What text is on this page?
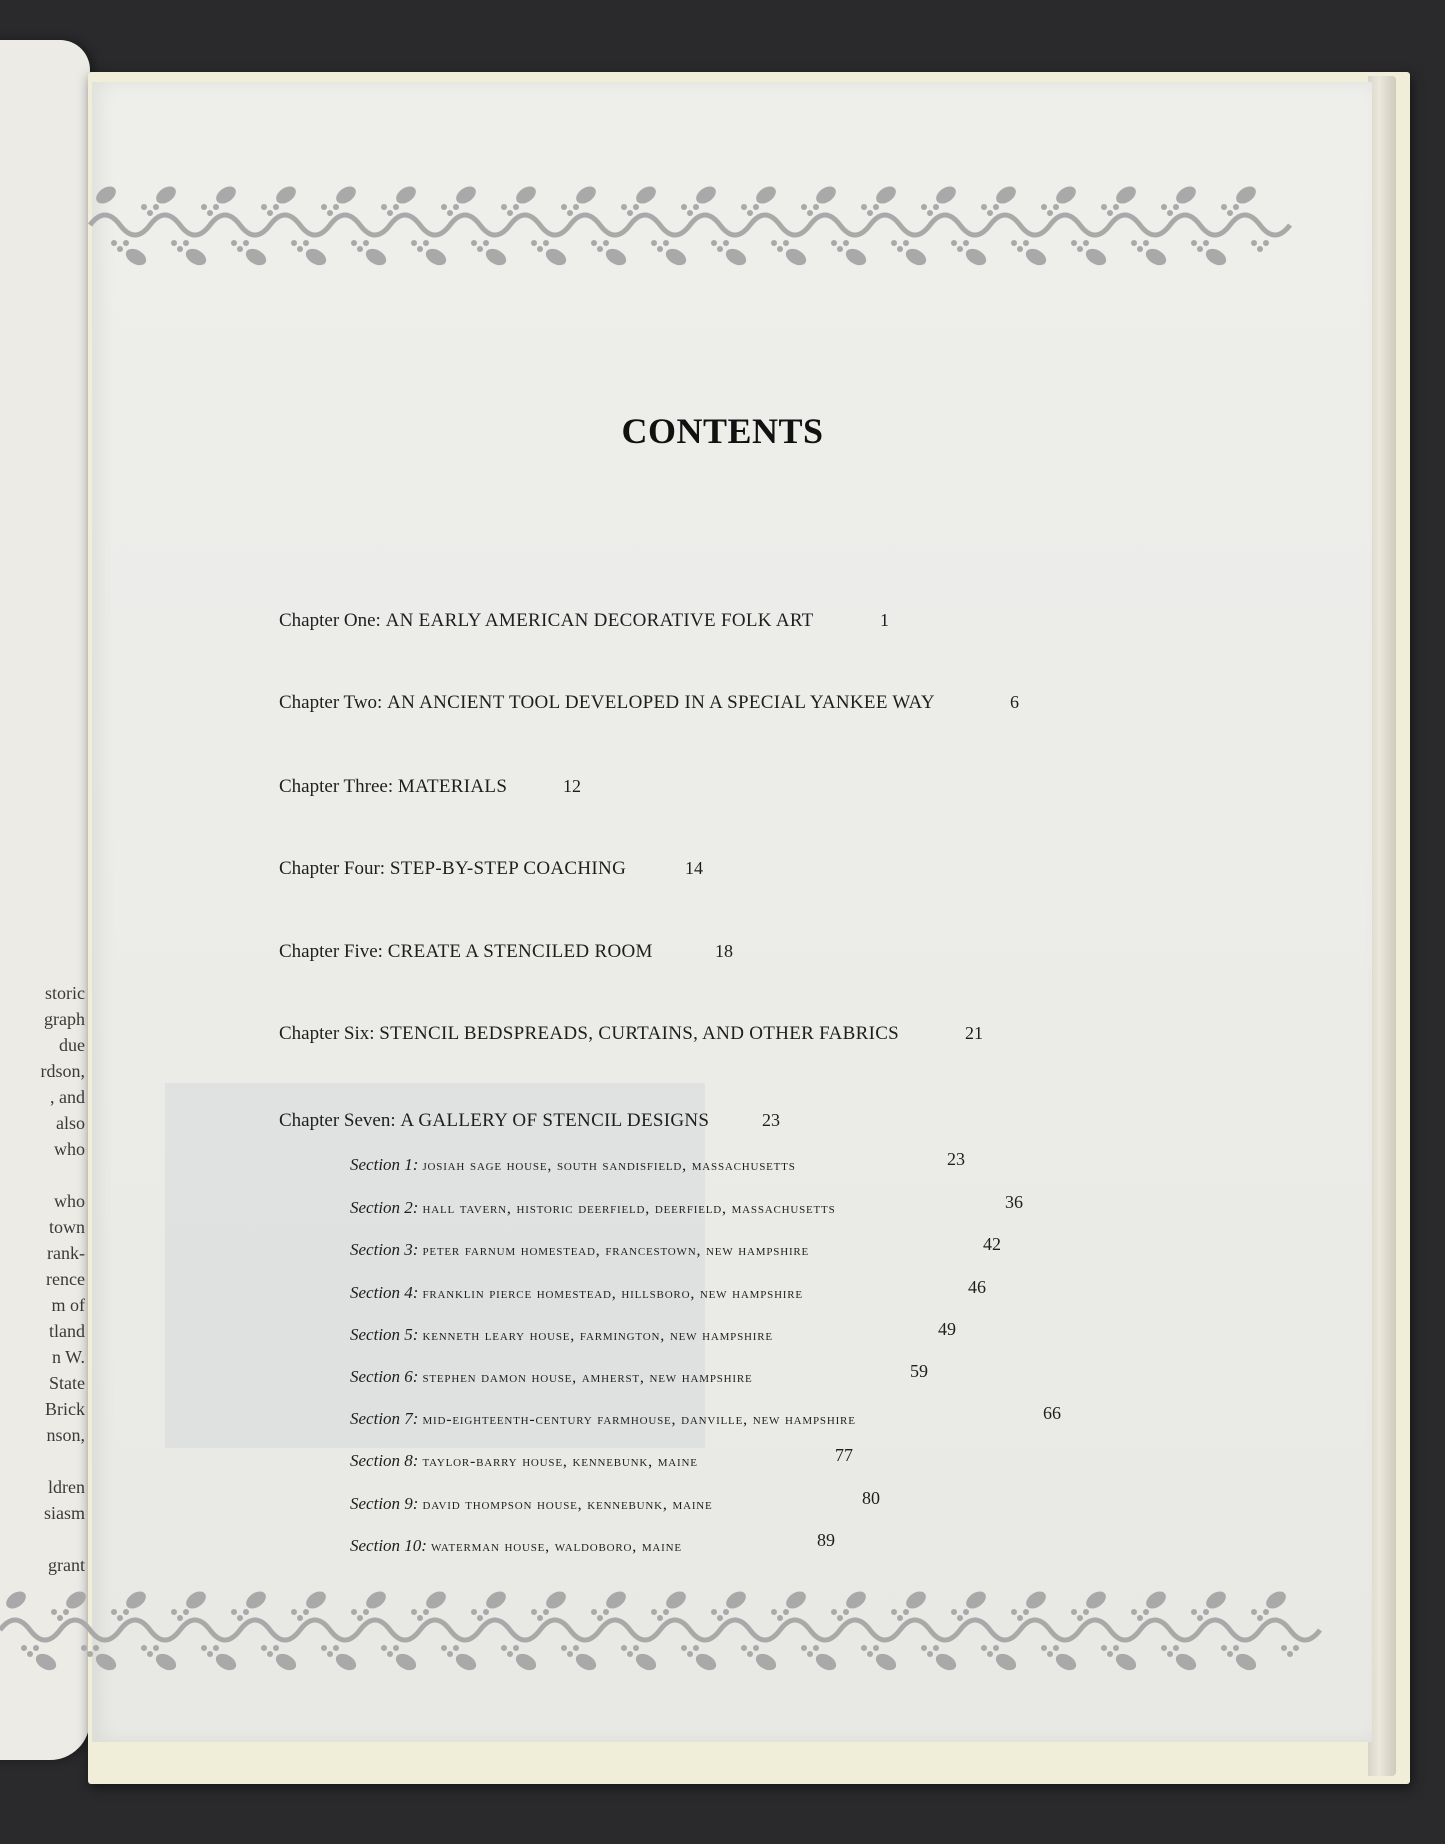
storic
graph
due
rdson,
, and
also
who
who
town
rank-
rence
m of
tland
n W.
State
Brick
nson,
ldren
siasm
grant
CONTENTS
Chapter One: AN EARLY AMERICAN DECORATIVE FOLK ART	1
Chapter Two: AN ANCIENT TOOL DEVELOPED IN A SPECIAL YANKEE WAY	6
Chapter Three: MATERIALS	12
Chapter Four: STEP-BY-STEP COACHING	14
Chapter Five: CREATE A STENCILED ROOM	18
Chapter Six: STENCIL BEDSPREADS, CURTAINS, AND OTHER FABRICS	21
Chapter Seven: A GALLERY OF STENCIL DESIGNS	23
Section 1: josiah sage house, south sandisfield, massachusetts	23
Section 2: hall tavern, historic deerfield, deerfield, massachusetts	36
Section 3: peter farnum homestead, francestown, new hampshire	42
Section 4: franklin pierce homestead, hillsboro, new hampshire	46
Section 5: kenneth leary house, farmington, new hampshire	49
Section 6: stephen damon house, amherst, new hampshire	59
Section 7: mid-eighteenth-century farmhouse, danville, new hampshire	66
Section 8: taylor-barry house, kennebunk, maine	77
Section 9: david thompson house, kennebunk, maine	80
Section 10: waterman house, waldoboro, maine	89
